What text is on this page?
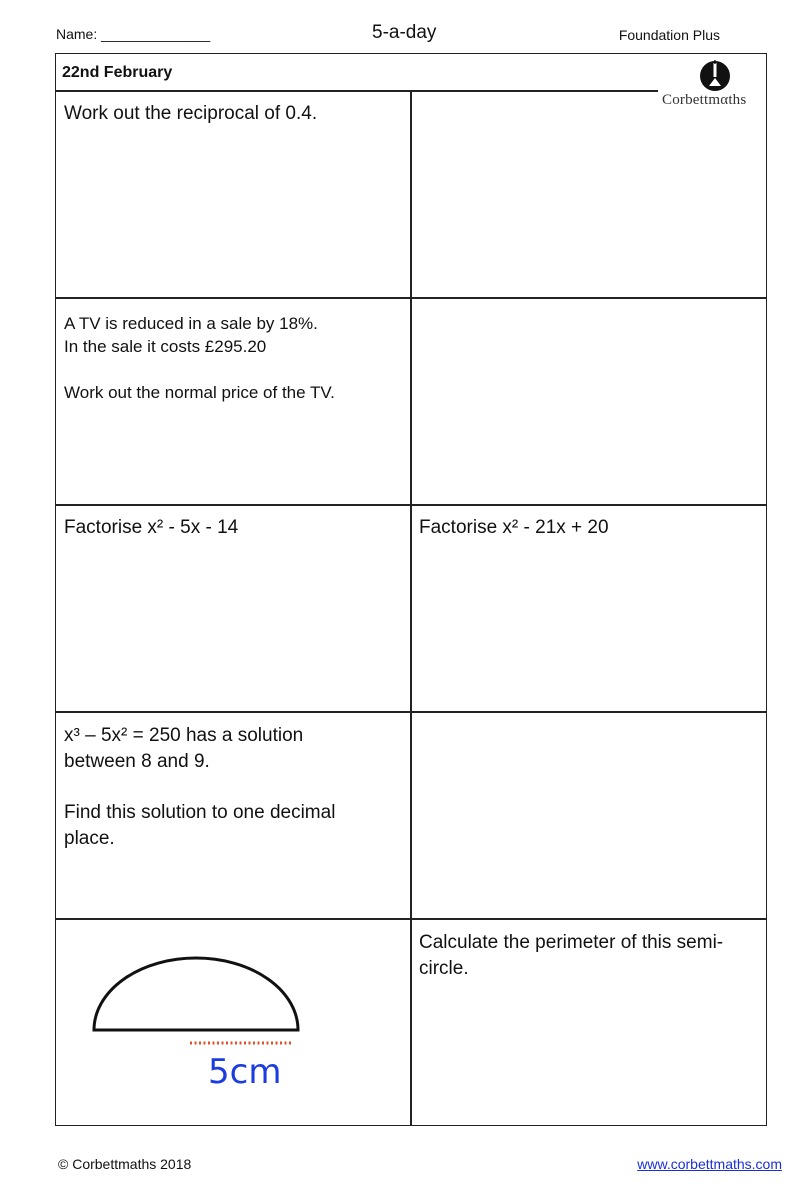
Name: ______________	5-a-day	Foundation Plus
22nd February
Corbettmαths

Work out the reciprocal of 0.4.

A TV is reduced in a sale by 18%.

In the sale it costs £295.20

Work out the normal price of the TV.

Factorise x² - 5x - 14	Factorise x² - 21x + 20

x³ – 5x² = 250 has a solution

between 8 and 9.

Find this solution to one decimal

place.

5cm

Calculate the perimeter of this semi-

circle.

© Corbettmaths 2018	www.corbettmaths.com
